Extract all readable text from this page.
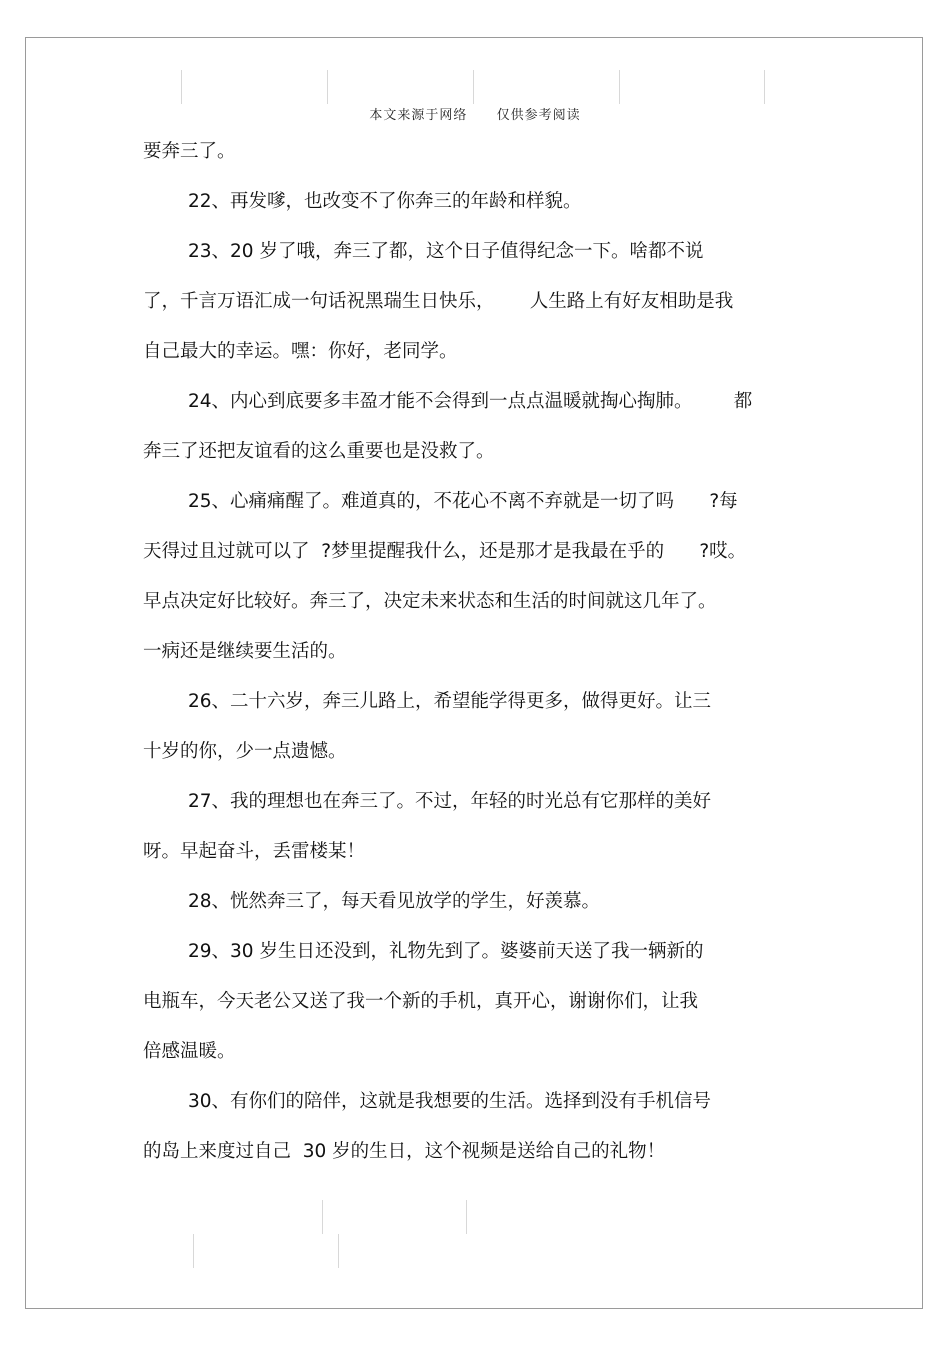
本文来源于网络 仅供参考阅读
要奔三了。
22、再发嗲，也改变不了你奔三的年龄和样貌。
23、20 岁了哦，奔三了都，这个日子值得纪念一下。啥都不说
了，千言万语汇成一句话祝黑瑞生日快乐，      人生路上有好友相助是我
自己最大的幸运。嘿：你好，老同学。
24、内心到底要多丰盈才能不会得到一点点温暖就掏心掏肺。       都
奔三了还把友谊看的这么重要也是没救了。
25、心痛痛醒了。难道真的，不花心不离不弃就是一切了吗      ?每
天得过且过就可以了  ?梦里提醒我什么，还是那才是我最在乎的      ?哎。
早点决定好比较好。奔三了，决定未来状态和生活的时间就这几年了。
一病还是继续要生活的。
26、二十六岁，奔三儿路上，希望能学得更多，做得更好。让三
十岁的你，少一点遗憾。
27、我的理想也在奔三了。不过，年轻的时光总有它那样的美好
呀。早起奋斗，丢雷楼某！
28、恍然奔三了，每天看见放学的学生，好羡慕。
29、30 岁生日还没到，礼物先到了。婆婆前天送了我一辆新的
电瓶车，今天老公又送了我一个新的手机，真开心，谢谢你们，让我
倍感温暖。
30、有你们的陪伴，这就是我想要的生活。选择到没有手机信号
的岛上来度过自己  30 岁的生日，这个视频是送给自己的礼物！
